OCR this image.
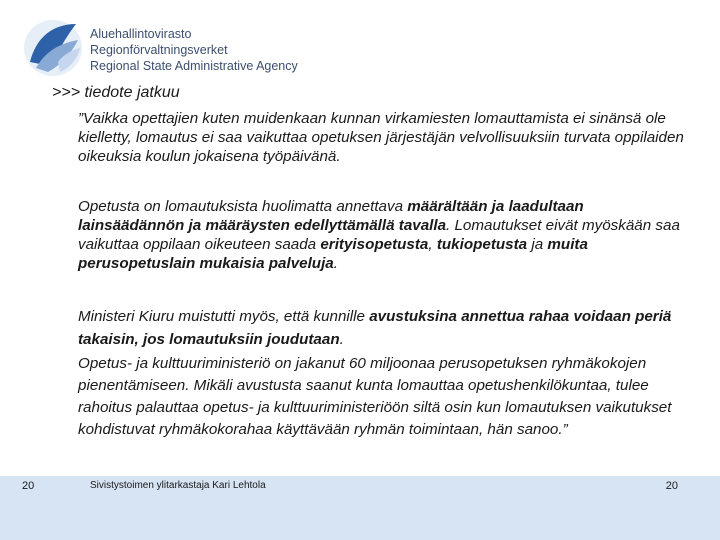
Aluehallintovirasto
Regionförvaltningsverket
Regional State Administrative Agency
>>> tiedote jatkuu

”Vaikka opettajien kuten muidenkaan kunnan virkamiesten lomauttamista ei sinänsä ole kielletty, lomautus ei saa vaikuttaa opetuksen järjestäjän velvollisuuksiin turvata oppilaiden oikeuksia koulun jokaisena työpäivänä.

Opetusta on lomautuksista huolimatta annettava määrältään ja laadultaan lainsäädännön ja määräysten edellyttämällä tavalla. Lomautukset eivät myöskään saa vaikuttaa oppilaan oikeuteen saada erityisopetusta, tukiopetusta ja muita perusopetuslain mukaisia palveluja.

Ministeri Kiuru muistutti myös, että kunnille avustuksina annettua rahaa voidaan periä takaisin, jos lomautuksiin joudutaan.

Opetus- ja kulttuuriministeriö on jakanut 60 miljoonaa perusopetuksen ryhmäkokojen pienentämiseen. Mikäli avustusta saanut kunta lomauttaa opetushenkilökuntaa, tulee rahoitus palauttaa opetus- ja kulttuuriministeriöön siltä osin kun lomautuksen vaikutukset kohdistuvat ryhmäkokorahaa käyttävään ryhmän toimintaan, hän sanoo.”

20	Sivistystoimen ylitarkastaja Kari Lehtola	20
